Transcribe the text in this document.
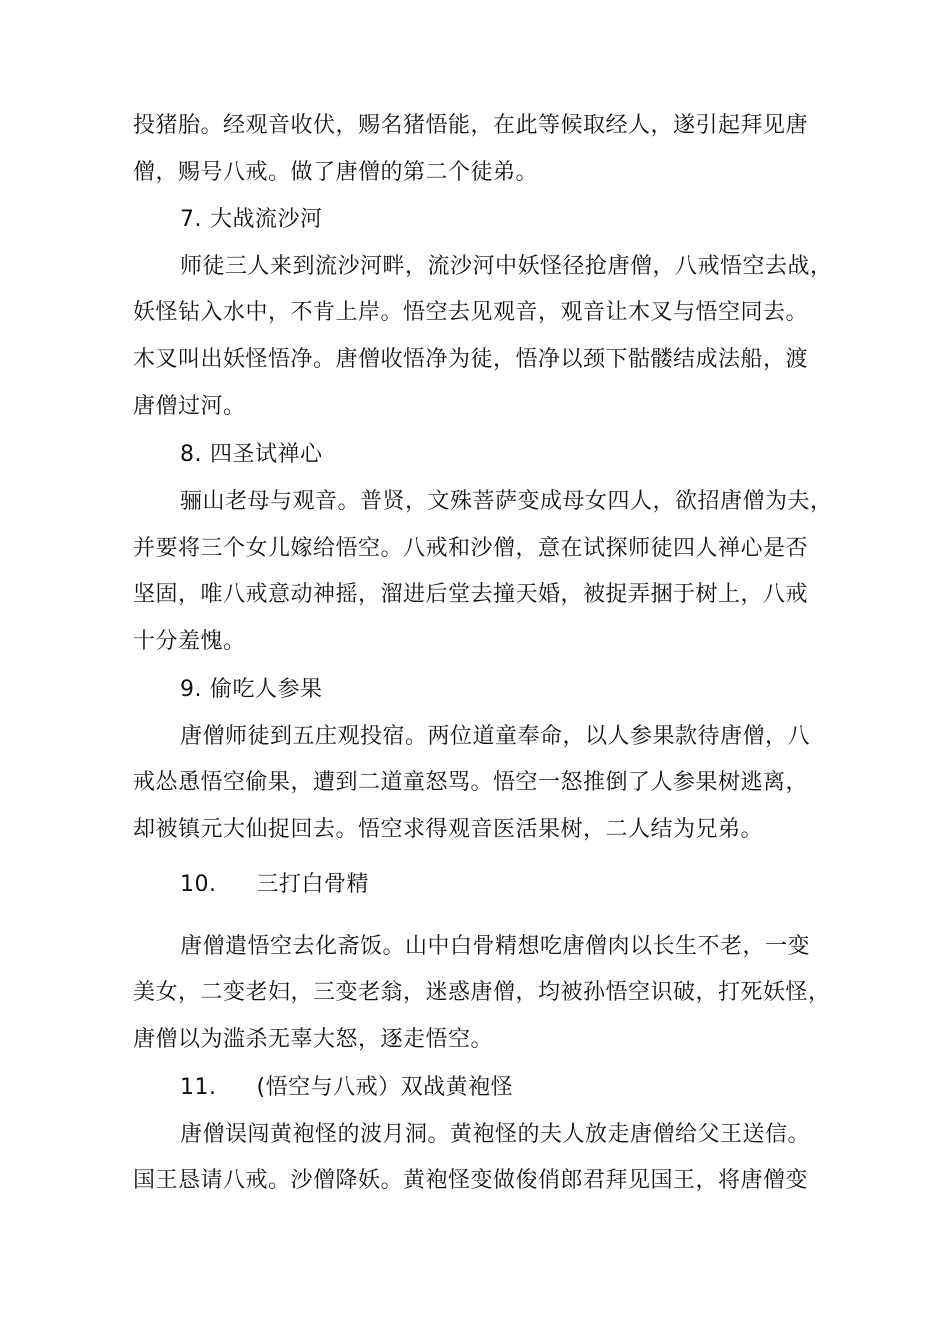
投猪胎。经观音收伏，赐名猪悟能，在此等候取经人，遂引起拜见唐
僧，赐号八戒。做了唐僧的第二个徒弟。
7. 大战流沙河
师徒三人来到流沙河畔，流沙河中妖怪径抢唐僧，八戒悟空去战，
妖怪钻入水中，不肯上岸。悟空去见观音，观音让木叉与悟空同去。
木叉叫出妖怪悟净。唐僧收悟净为徒，悟净以颈下骷髅结成法船，渡
唐僧过河。
8. 四圣试禅心
骊山老母与观音。普贤，文殊菩萨变成母女四人，欲招唐僧为夫，
并要将三个女儿嫁给悟空。八戒和沙僧，意在试探师徒四人禅心是否
坚固，唯八戒意动神摇，溜进后堂去撞天婚，被捉弄捆于树上，八戒
十分羞愧。
9. 偷吃人参果
唐僧师徒到五庄观投宿。两位道童奉命，以人参果款待唐僧，八
戒怂恿悟空偷果，遭到二道童怒骂。悟空一怒推倒了人参果树逃离，
却被镇元大仙捉回去。悟空求得观音医活果树，二人结为兄弟。
10. 三打白骨精
唐僧遣悟空去化斋饭。山中白骨精想吃唐僧肉以长生不老，一变
美女，二变老妇，三变老翁，迷惑唐僧，均被孙悟空识破，打死妖怪，
唐僧以为滥杀无辜大怒，逐走悟空。
11. (悟空与八戒）双战黄袍怪
唐僧误闯黄袍怪的波月洞。黄袍怪的夫人放走唐僧给父王送信。
国王恳请八戒。沙僧降妖。黄袍怪变做俊俏郎君拜见国王，将唐僧变
